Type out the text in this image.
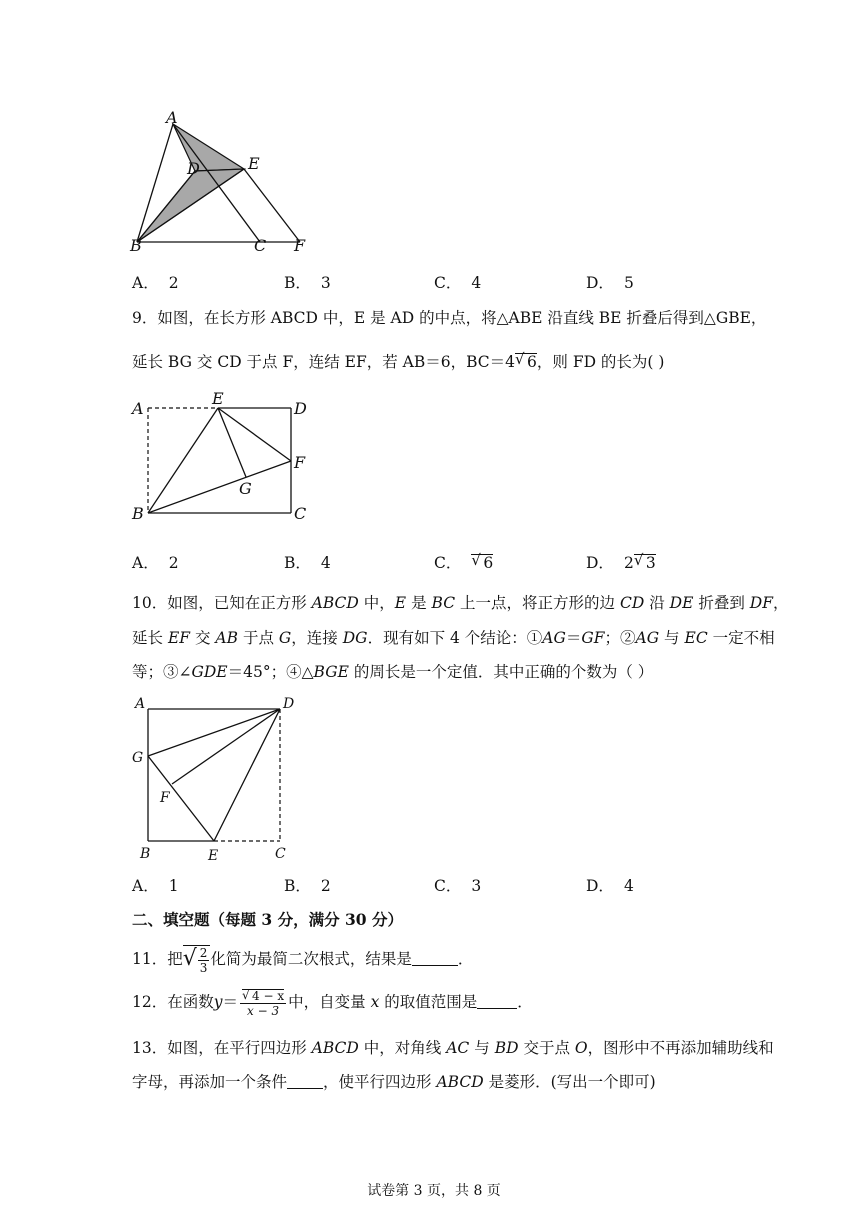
A
D	E
B	C F
A． 2	B． 3	C． 4	D． 5
9．如图，在长方形 ABCD 中，E 是 AD 的中点，将△ABE 沿直线 BE 折叠后得到△GBE，
延长 BG 交 CD 于点 F，连结 EF，若 AB＝6，BC＝4 √ 6，则 FD 的长为( )
A
E
D
F
G
B	C
A． 2	B． 4	C． √ 6	D． 2 √ 3
10．如图，已知在正方形 ABCD 中，E 是 BC 上一点，将正方形的边 CD 沿 DE 折叠到 DF，
延长 EF 交 AB 于点 G，连接 DG．现有如下 4 个结论：①AG＝GF；②AG 与 EC 一定不相
等；③∠GDE＝45°；④△BGE 的周长是一个定值．其中正确的个数为（ ）
A	D
G
F
B	E	C
A． 1	B． 2	C． 3	D． 4
二、填空题（每题 3 分，满分 30 分）
11．把 √ $\frac{2}{3}$ 化简为最简二次根式，结果是	．
12．在函数$y= \frac{√ 4 - x}{x - 3}$ 中，自变量 x 的取值范围是	．
13．如图，在平行四边形 ABCD 中，对角线 AC 与 BD 交于点 O，图形中不再添加辅助线和
字母，再添加一个条件 ，使平行四边形 ABCD 是菱形．(写出一个即可)
试卷第 3 页，共 8 页
